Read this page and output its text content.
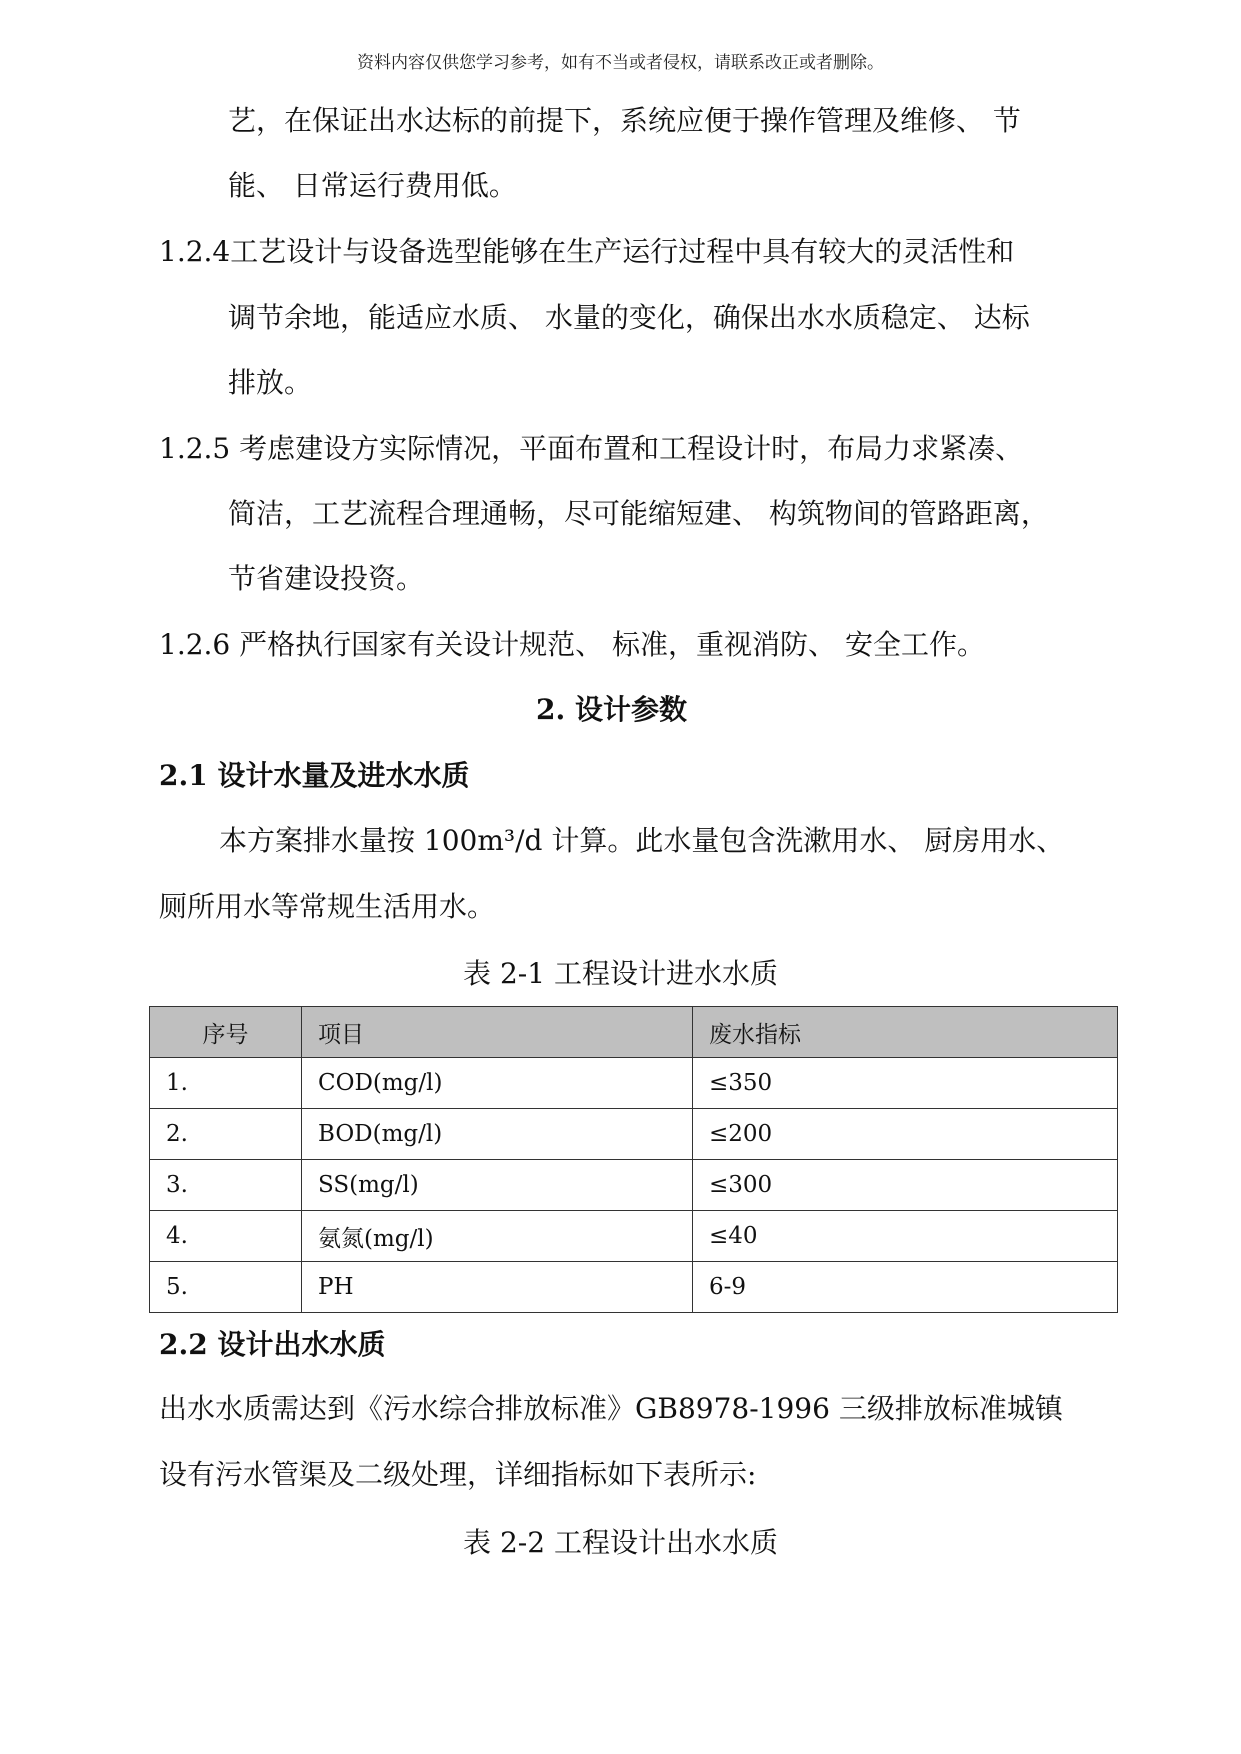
资料内容仅供您学习参考，如有不当或者侵权，请联系改正或者删除。
艺，在保证出水达标的前提下，系统应便于操作管理及维修、 节
能、 日常运行费用低。
1.2.4工艺设计与设备选型能够在生产运行过程中具有较大的灵活性和
调节余地，能适应水质、 水量的变化，确保出水水质稳定、 达标
排放。
1.2.5 考虑建设方实际情况，平面布置和工程设计时，布局力求紧凑、
简洁，工艺流程合理通畅，尽可能缩短建、 构筑物间的管路距离，
节省建设投资。
1.2.6 严格执行国家有关设计规范、 标准，重视消防、 安全工作。
2. 设计参数
2.1 设计水量及进水水质
本方案排水量按 100m³/d 计算。此水量包含洗漱用水、 厨房用水、
厕所用水等常规生活用水。
表 2-1 工程设计进水水质
序号	项目	废水指标
1.	COD(mg/l)	≤350
2.	BOD(mg/l)	≤200
3.	SS(mg/l)	≤300
4.	氨氮(mg/l)	≤40
5.	PH	6-9
2.2 设计出水水质
出水水质需达到《污水综合排放标准》GB8978-1996 三级排放标准城镇
设有污水管渠及二级处理，详细指标如下表所示:
表 2-2 工程设计出水水质
